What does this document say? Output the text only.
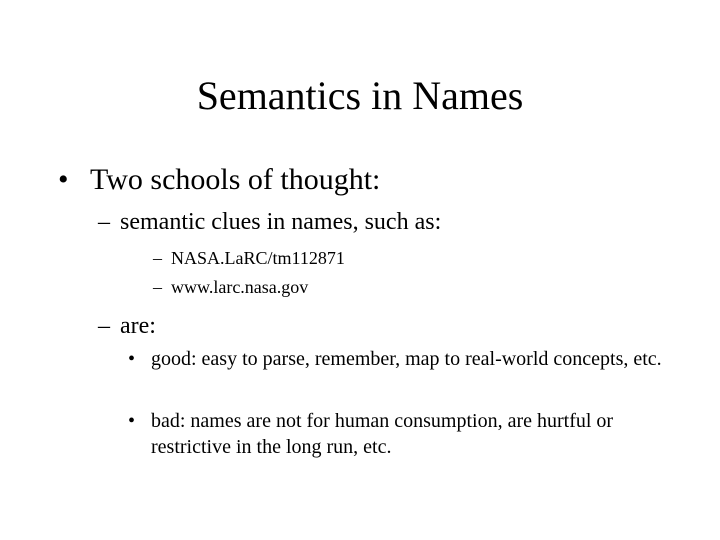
Semantics in Names
• Two schools of thought:
– semantic clues in names, such as:
– NASA.LaRC/tm112871
– www.larc.nasa.gov
– are:
• good: easy to parse, remember, map to real-world concepts, etc.
• bad: names are not for human consumption, are hurtful or restrictive in the long run, etc.
